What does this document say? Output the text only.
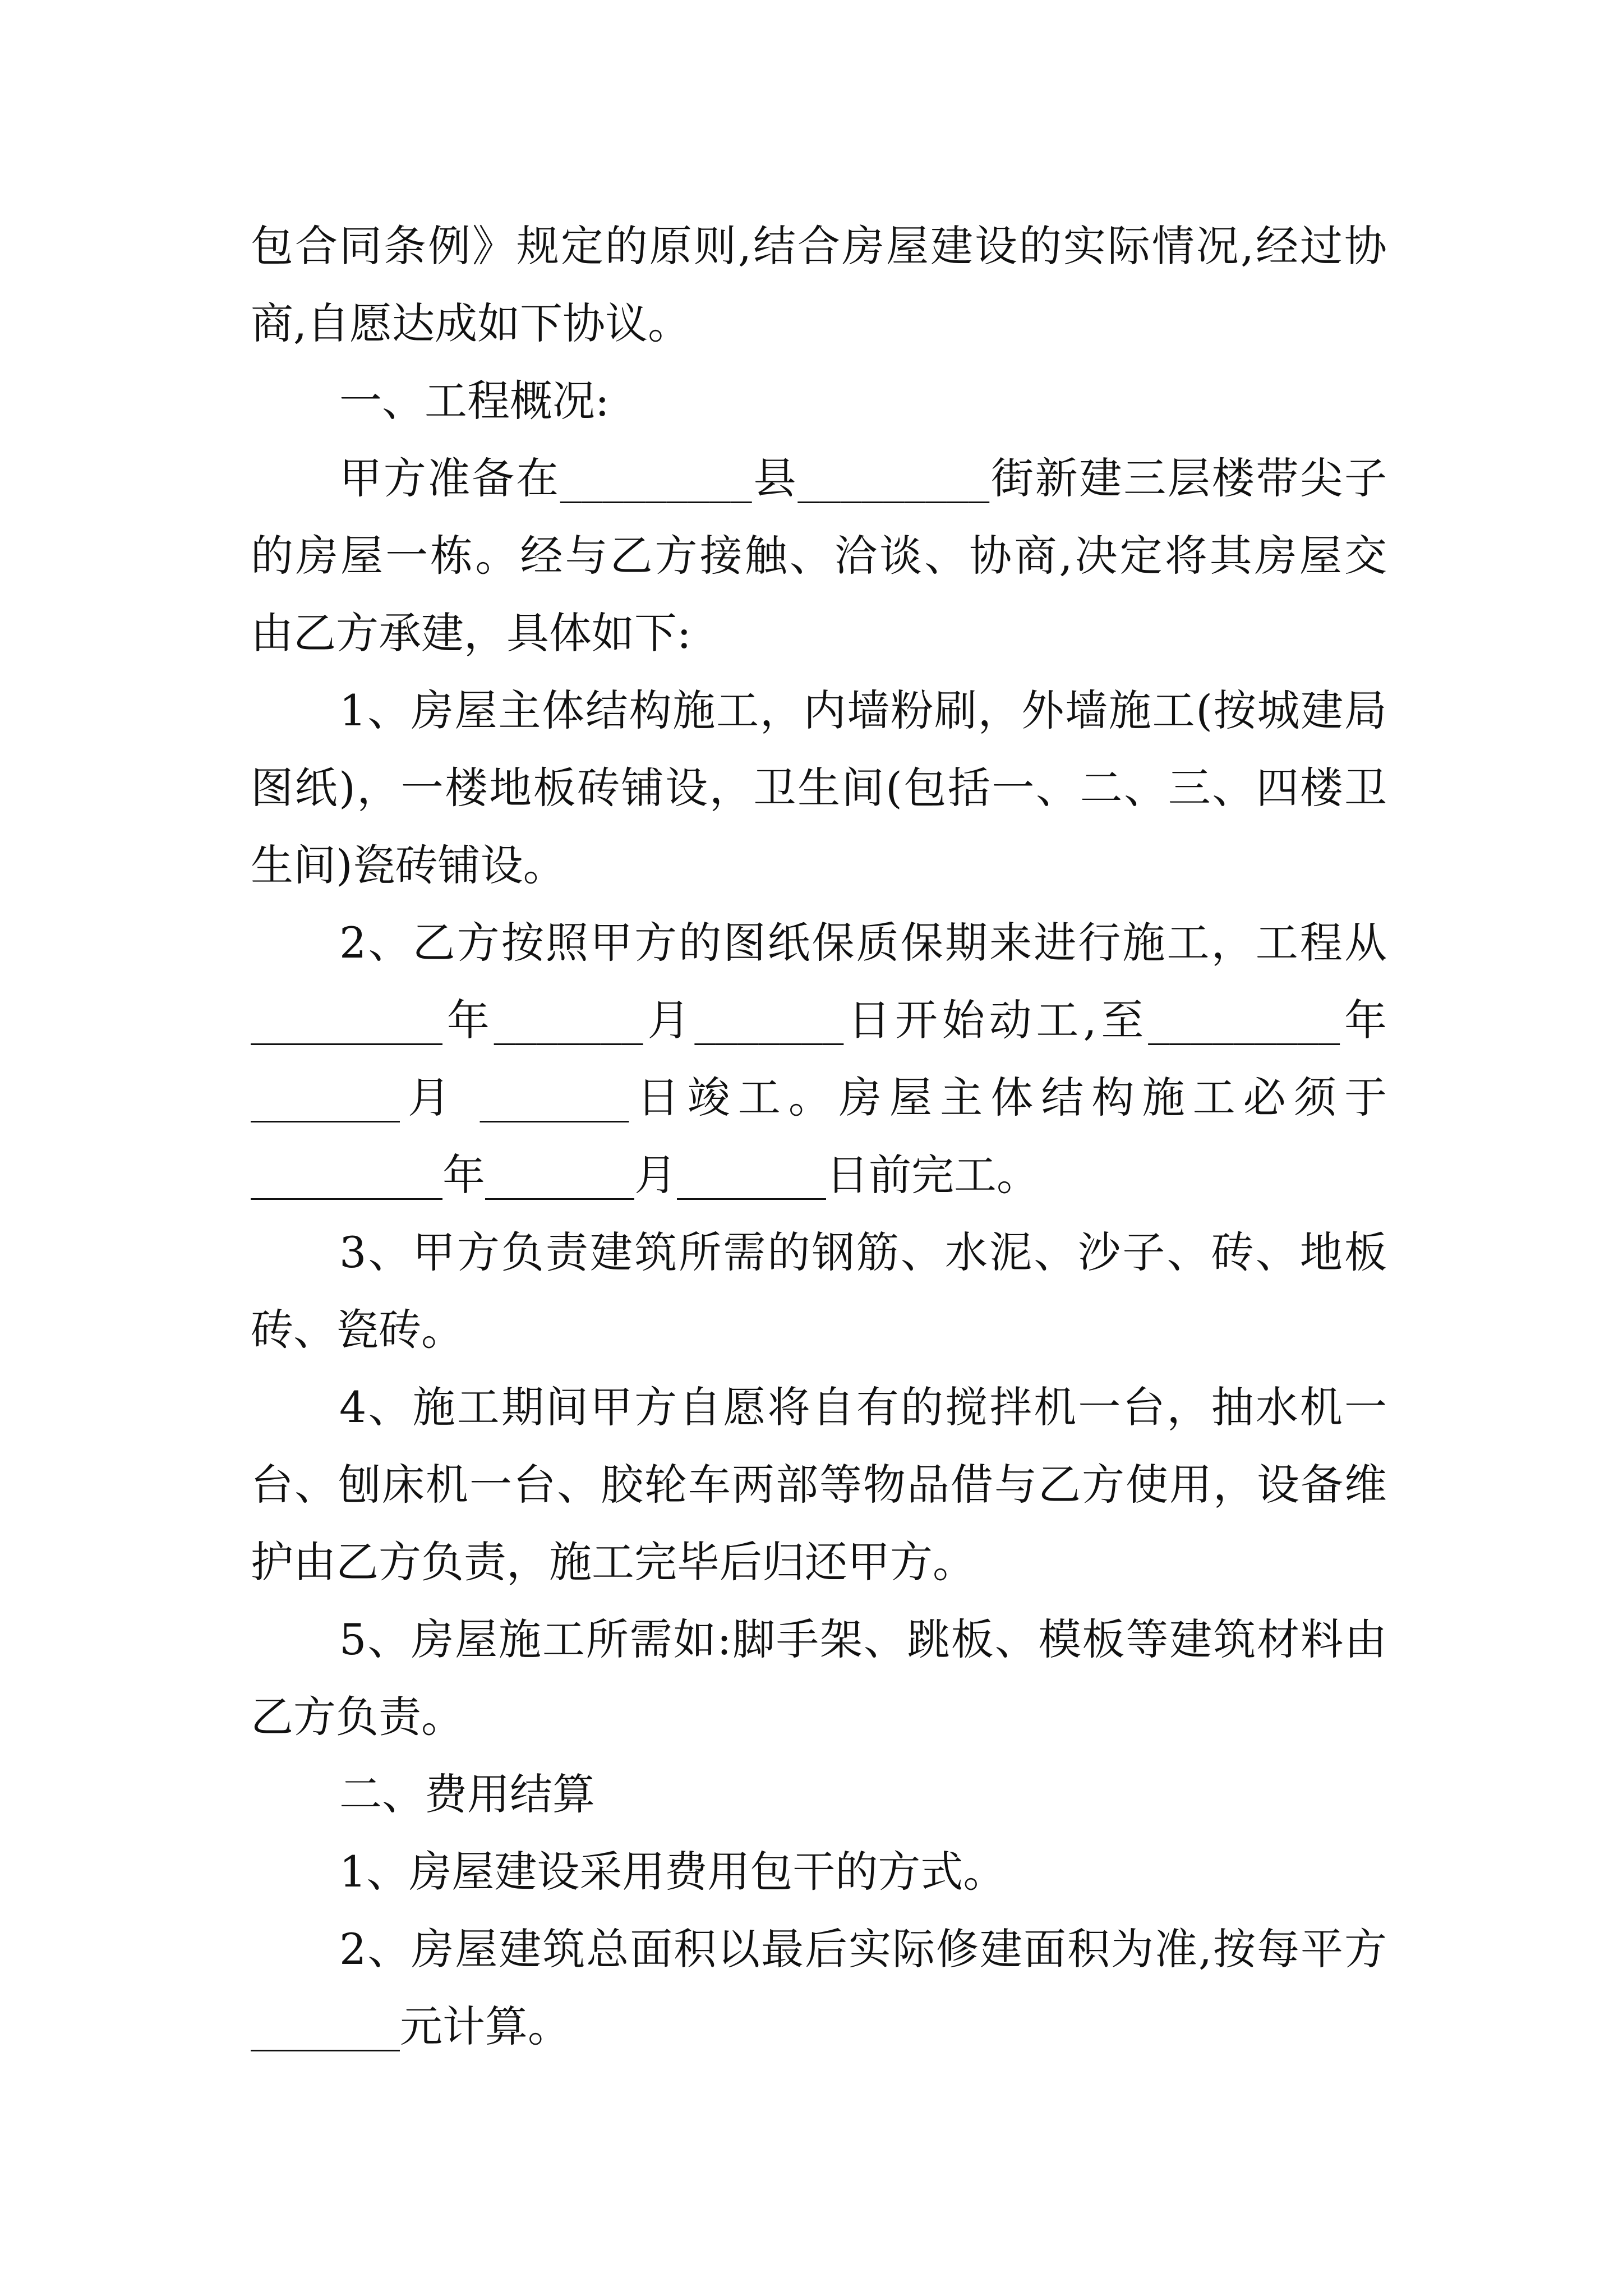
包合同条例》规定的原则,结合房屋建设的实际情况,经过协
商,自愿达成如下协议。
一、工程概况:
甲方准备在_________县_________街新建三层楼带尖子
的房屋一栋。经与乙方接触、洽谈、协商,决定将其房屋交
由乙方承建，具体如下:
1、房屋主体结构施工，内墙粉刷，外墙施工(按城建局
图纸)，一楼地板砖铺设，卫生间(包括一、二、三、四楼卫
生间)瓷砖铺设。
2、乙方按照甲方的图纸保质保期来进行施工，工程从
_________年_______月_______日开始动工,至_________年
_______月 _______日竣工。房屋主体结构施工必须于
_________年_______月_______日前完工。
3、甲方负责建筑所需的钢筋、水泥、沙子、砖、地板
砖、瓷砖。
4、施工期间甲方自愿将自有的搅拌机一台，抽水机一
台、刨床机一台、胶轮车两部等物品借与乙方使用，设备维
护由乙方负责，施工完毕后归还甲方。
5、房屋施工所需如:脚手架、跳板、模板等建筑材料由
乙方负责。
二、费用结算
1、房屋建设采用费用包干的方式。
2、房屋建筑总面积以最后实际修建面积为准,按每平方
_______元计算。
